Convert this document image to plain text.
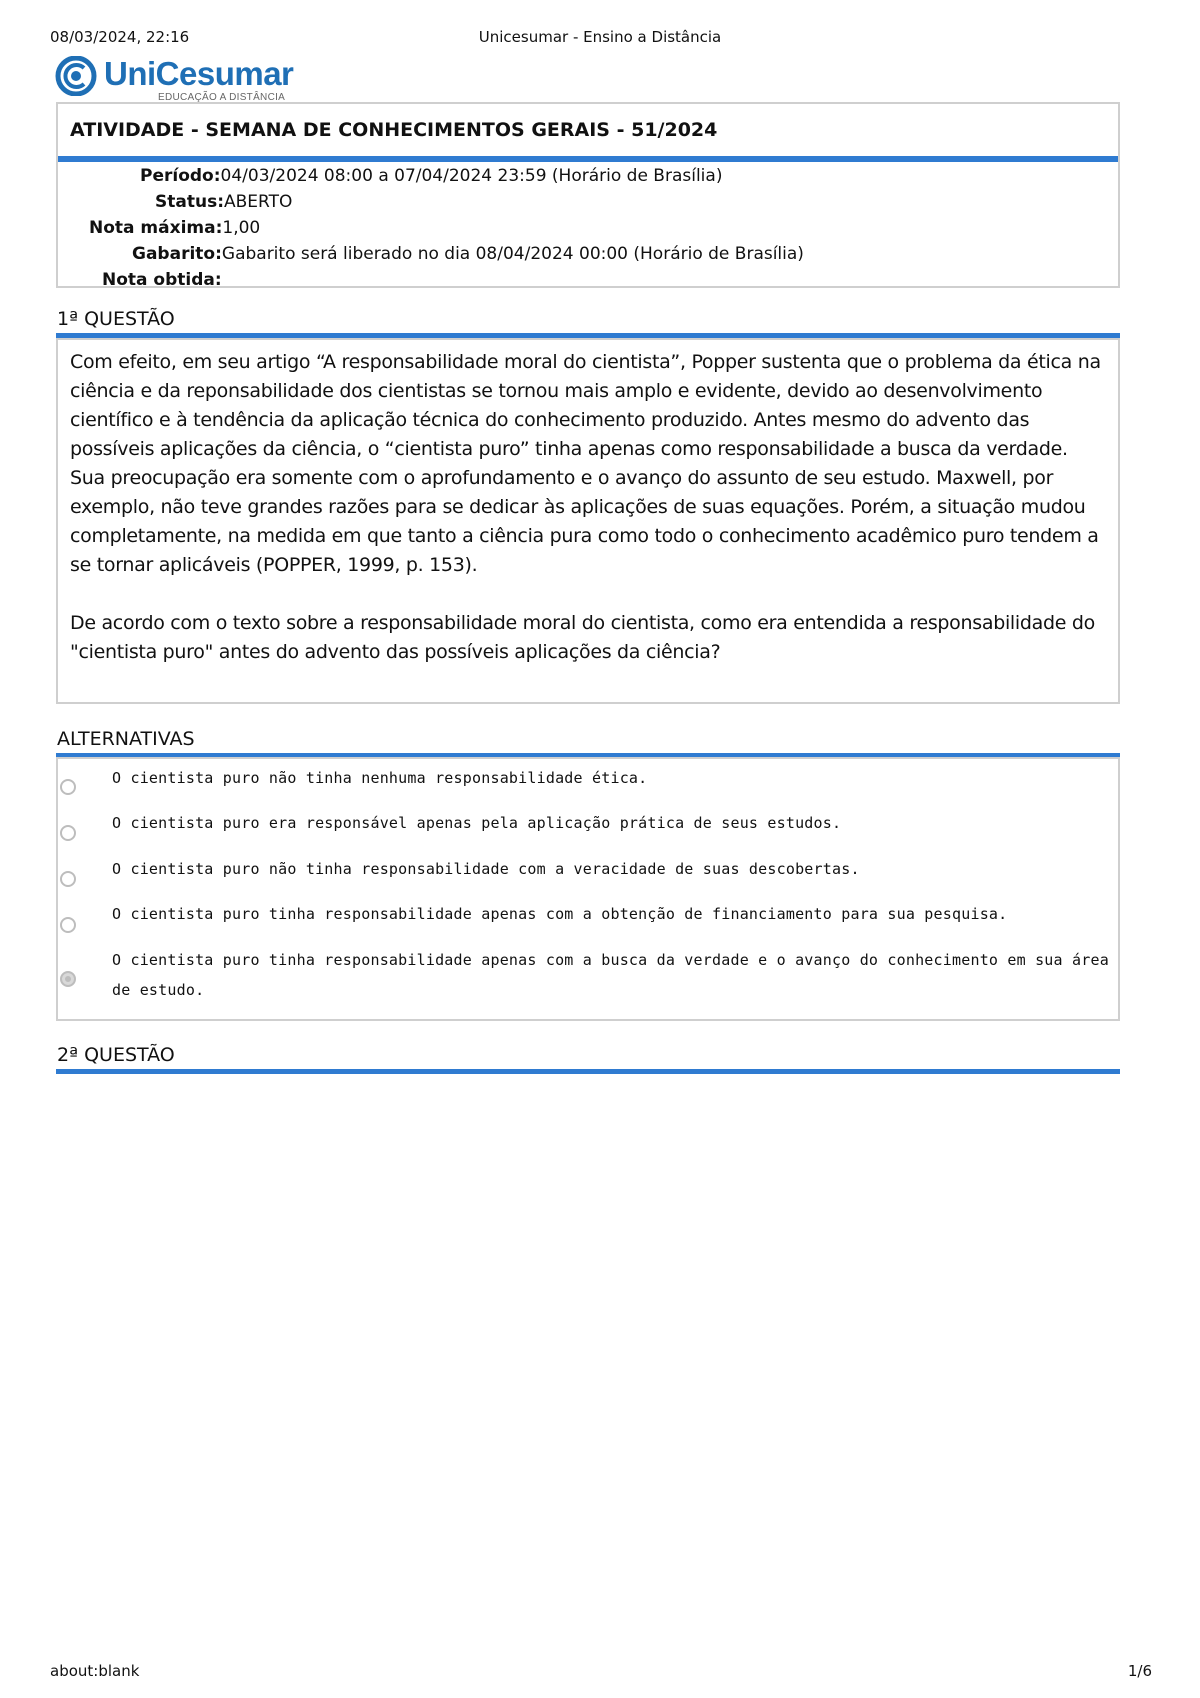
08/03/2024, 22:16	Unicesumar - Ensino a Distância
UniCesumar
EDUCAÇÃO A DISTÂNCIA
ATIVIDADE - SEMANA DE CONHECIMENTOS GERAIS - 51/2024
Período:04/03/2024 08:00 a 07/04/2024 23:59 (Horário de Brasília)
Status:ABERTO
Nota máxima:1,00
Gabarito:Gabarito será liberado no dia 08/04/2024 00:00 (Horário de Brasília)
Nota obtida:
1ª QUESTÃO

Com efeito, em seu artigo “A responsabilidade moral do cientista”, Popper sustenta que o problema da ética na ciência e da reponsabilidade dos cientistas se tornou mais amplo e evidente, devido ao desenvolvimento científico e à tendência da aplicação técnica do conhecimento produzido. Antes mesmo do advento das possíveis aplicações da ciência, o “cientista puro” tinha apenas como responsabilidade a busca da verdade. Sua preocupação era somente com o aprofundamento e o avanço do assunto de seu estudo. Maxwell, por exemplo, não teve grandes razões para se dedicar às aplicações de suas equações. Porém, a situação mudou completamente, na medida em que tanto a ciência pura como todo o conhecimento acadêmico puro tendem a se tornar aplicáveis (POPPER, 1999, p. 153).

De acordo com o texto sobre a responsabilidade moral do cientista, como era entendida a responsabilidade do "cientista puro" antes do advento das possíveis aplicações da ciência?

ALTERNATIVAS
O cientista puro não tinha nenhuma responsabilidade ética.
O cientista puro era responsável apenas pela aplicação prática de seus estudos.
O cientista puro não tinha responsabilidade com a veracidade de suas descobertas.
O cientista puro tinha responsabilidade apenas com a obtenção de financiamento para sua pesquisa.
O cientista puro tinha responsabilidade apenas com a busca da verdade e o avanço do conhecimento em sua área de estudo.
2ª QUESTÃO
about:blank	1/6
